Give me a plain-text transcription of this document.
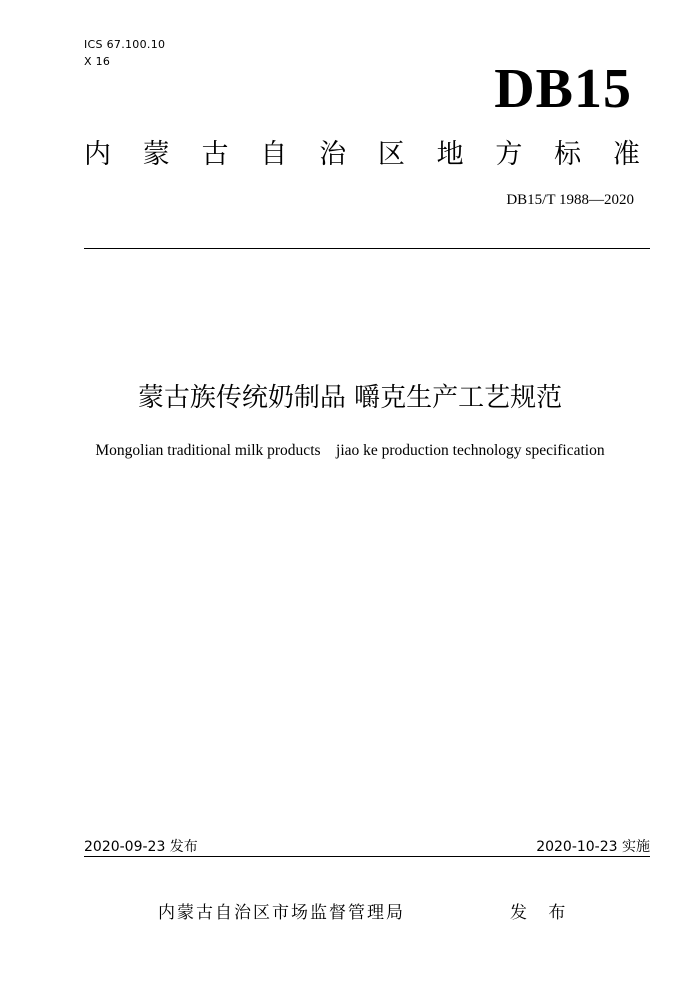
ICS 67.100.10
X 16	DB15
内 蒙 古 自 治 区 地 方 标 准
DB15/T 1988—2020
蒙古族传统奶制品 嚼克生产工艺规范
Mongolian traditional milk products    jiao ke production technology specification
2020-09-23 发布	2020-10-23 实施
内蒙古自治区市场监督管理局	发 布
